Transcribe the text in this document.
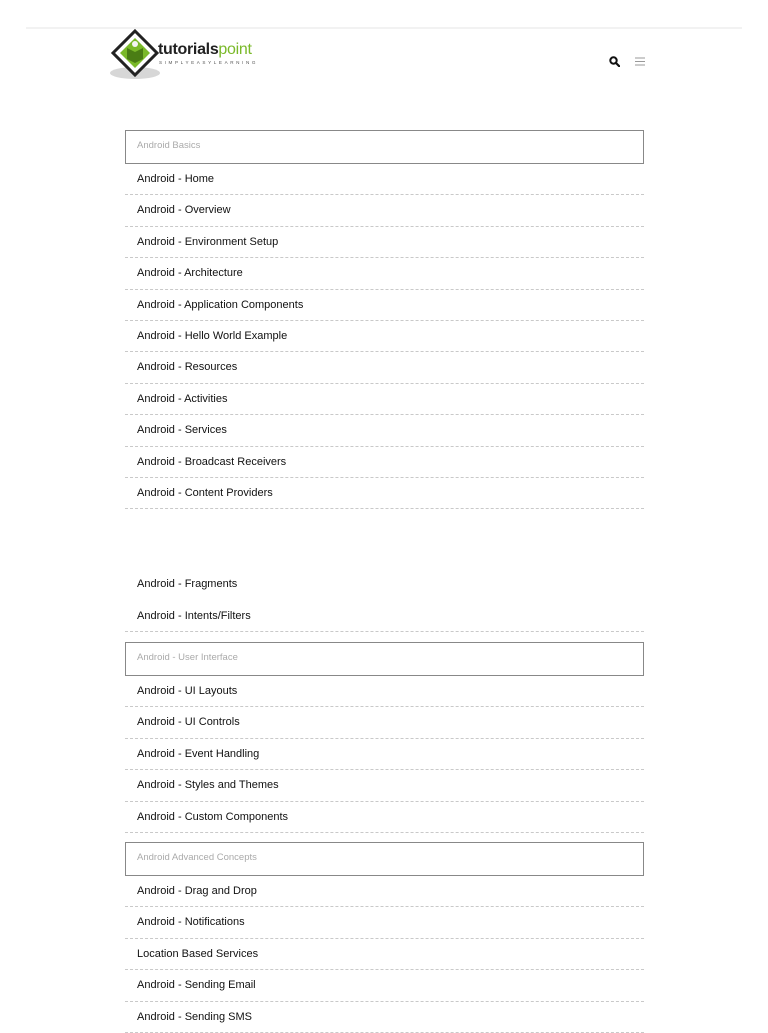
tutorialspoint
SIMPLYEASYLEARNING
Android Basics
Android - Home
Android - Overview
Android - Environment Setup
Android - Architecture
Android - Application Components
Android - Hello World Example
Android - Resources
Android - Activities
Android - Services
Android - Broadcast Receivers
Android - Content Providers
Android - Fragments
Android - Intents/Filters
Android - User Interface
Android - UI Layouts
Android - UI Controls
Android - Event Handling
Android - Styles and Themes
Android - Custom Components
Android Advanced Concepts
Android - Drag and Drop
Android - Notifications
Location Based Services
Android - Sending Email
Android - Sending SMS
